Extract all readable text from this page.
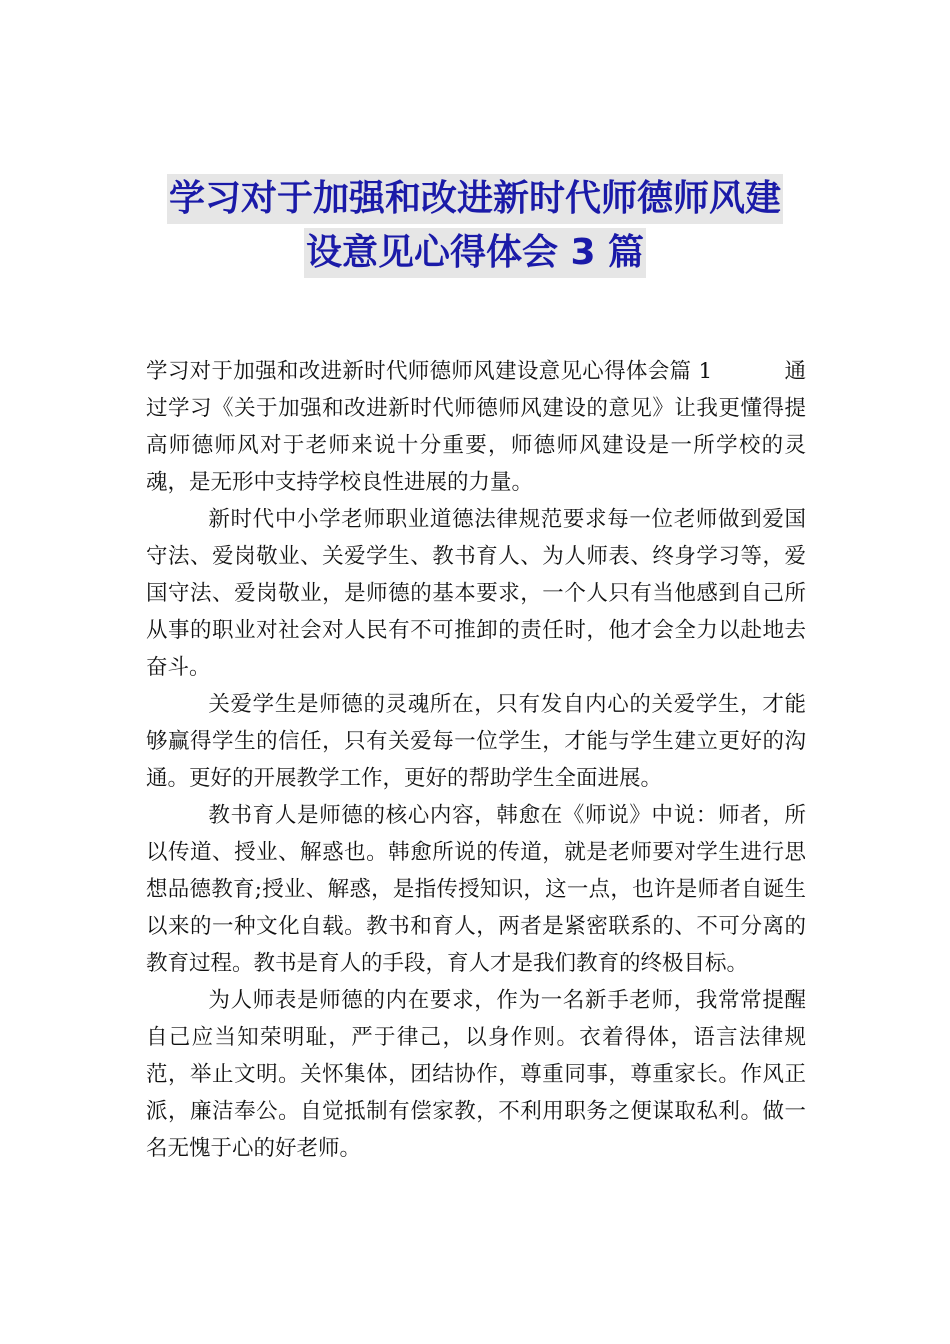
学习对于加强和改进新时代师德师风建
设意见心得体会 3 篇

学习对于加强和改进新时代师德师风建设意见心得体会篇 1	通过学习《关于加强和改进新时代师德师风建设的意见》让我更懂得提高师德师风对于老师来说十分重要，师德师风建设是一所学校的灵魂，是无形中支持学校良性进展的力量。

新时代中小学老师职业道德法律规范要求每一位老师做到爱国守法、爱岗敬业、关爱学生、教书育人、为人师表、终身学习等，爱国守法、爱岗敬业，是师德的基本要求，一个人只有当他感到自己所从事的职业对社会对人民有不可推卸的责任时，他才会全力以赴地去奋斗。

关爱学生是师德的灵魂所在，只有发自内心的关爱学生，才能够赢得学生的信任，只有关爱每一位学生，才能与学生建立更好的沟通。更好的开展教学工作，更好的帮助学生全面进展。

教书育人是师德的核心内容，韩愈在《师说》中说：师者，所以传道、授业、解惑也。韩愈所说的传道，就是老师要对学生进行思想品德教育;授业、解惑，是指传授知识，这一点，也许是师者自诞生以来的一种文化自载。教书和育人，两者是紧密联系的、不可分离的教育过程。教书是育人的手段，育人才是我们教育的终极目标。

为人师表是师德的内在要求，作为一名新手老师，我常常提醒自己应当知荣明耻，严于律己，以身作则。衣着得体，语言法律规范，举止文明。关怀集体，团结协作，尊重同事，尊重家长。作风正派，廉洁奉公。自觉抵制有偿家教，不利用职务之便谋取私利。做一名无愧于心的好老师。
